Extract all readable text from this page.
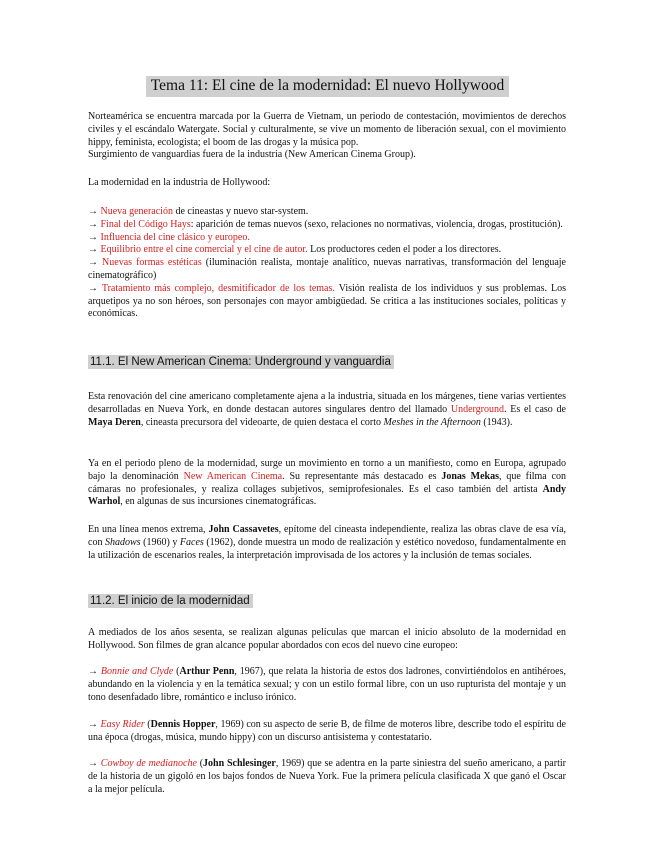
Tema 11: El cine de la modernidad: El nuevo Hollywood

Norteamérica se encuentra marcada por la Guerra de Vietnam, un periodo de contestación, movimientos de derechos civiles y el escándalo Watergate. Social y culturalmente, se vive un momento de liberación sexual, con el movimiento hippy, feminista, ecologista; el boom de las drogas y la música pop.
Surgimiento de vanguardias fuera de la industria (New American Cinema Group).

La modernidad en la industria de Hollywood:

→ Nueva generación de cineastas y nuevo star-system.
→ Final del Código Hays: aparición de temas nuevos (sexo, relaciones no normativas, violencia, drogas, prostitución).
→ Influencia del cine clásico y europeo.
→ Equilibrio entre el cine comercial y el cine de autor. Los productores ceden el poder a los directores.
→ Nuevas formas estéticas (iluminación realista, montaje analítico, nuevas narrativas, transformación del lenguaje cinematográfico)
→ Tratamiento más complejo, desmitificador de los temas. Visión realista de los individuos y sus problemas. Los arquetipos ya no son héroes, son personajes con mayor ambigüedad. Se critica a las instituciones sociales, políticas y económicas.
11.1. El New American Cinema: Underground y vanguardia

Esta renovación del cine americano completamente ajena a la industria, situada en los márgenes, tiene varias vertientes desarrolladas en Nueva York, en donde destacan autores singulares dentro del llamado Underground. Es el caso de Maya Deren, cineasta precursora del videoarte, de quien destaca el corto Meshes in the Afternoon (1943).

Ya en el periodo pleno de la modernidad, surge un movimiento en torno a un manifiesto, como en Europa, agrupado bajo la denominación New American Cinema. Su representante más destacado es Jonas Mekas, que filma con cámaras no profesionales, y realiza collages subjetivos, semiprofesionales. Es el caso también del artista Andy Warhol, en algunas de sus incursiones cinematográficas.

En una línea menos extrema, John Cassavetes, epítome del cineasta independiente, realiza las obras clave de esa vía, con Shadows (1960) y Faces (1962), donde muestra un modo de realización y estético novedoso, fundamentalmente en la utilización de escenarios reales, la interpretación improvisada de los actores y la inclusión de temas sociales.

11.2. El inicio de la modernidad

A mediados de los años sesenta, se realizan algunas películas que marcan el inicio absoluto de la modernidad en Hollywood. Son filmes de gran alcance popular abordados con ecos del nuevo cine europeo:

→ Bonnie and Clyde (Arthur Penn, 1967), que relata la historia de estos dos ladrones, convirtiéndolos en antihéroes, abundando en la violencia y en la temática sexual; y con un estilo formal libre, con un uso rupturista del montaje y un tono desenfadado libre, romántico e incluso irónico.

→ Easy Rider (Dennis Hopper, 1969) con su aspecto de serie B, de filme de moteros libre, describe todo el espíritu de una época (drogas, música, mundo hippy) con un discurso antisistema y contestatario.

→ Cowboy de medianoche (John Schlesinger, 1969) que se adentra en la parte siniestra del sueño americano, a partir de la historia de un gigoló en los bajos fondos de Nueva York. Fue la primera película clasificada X que ganó el Oscar a la mejor película.
